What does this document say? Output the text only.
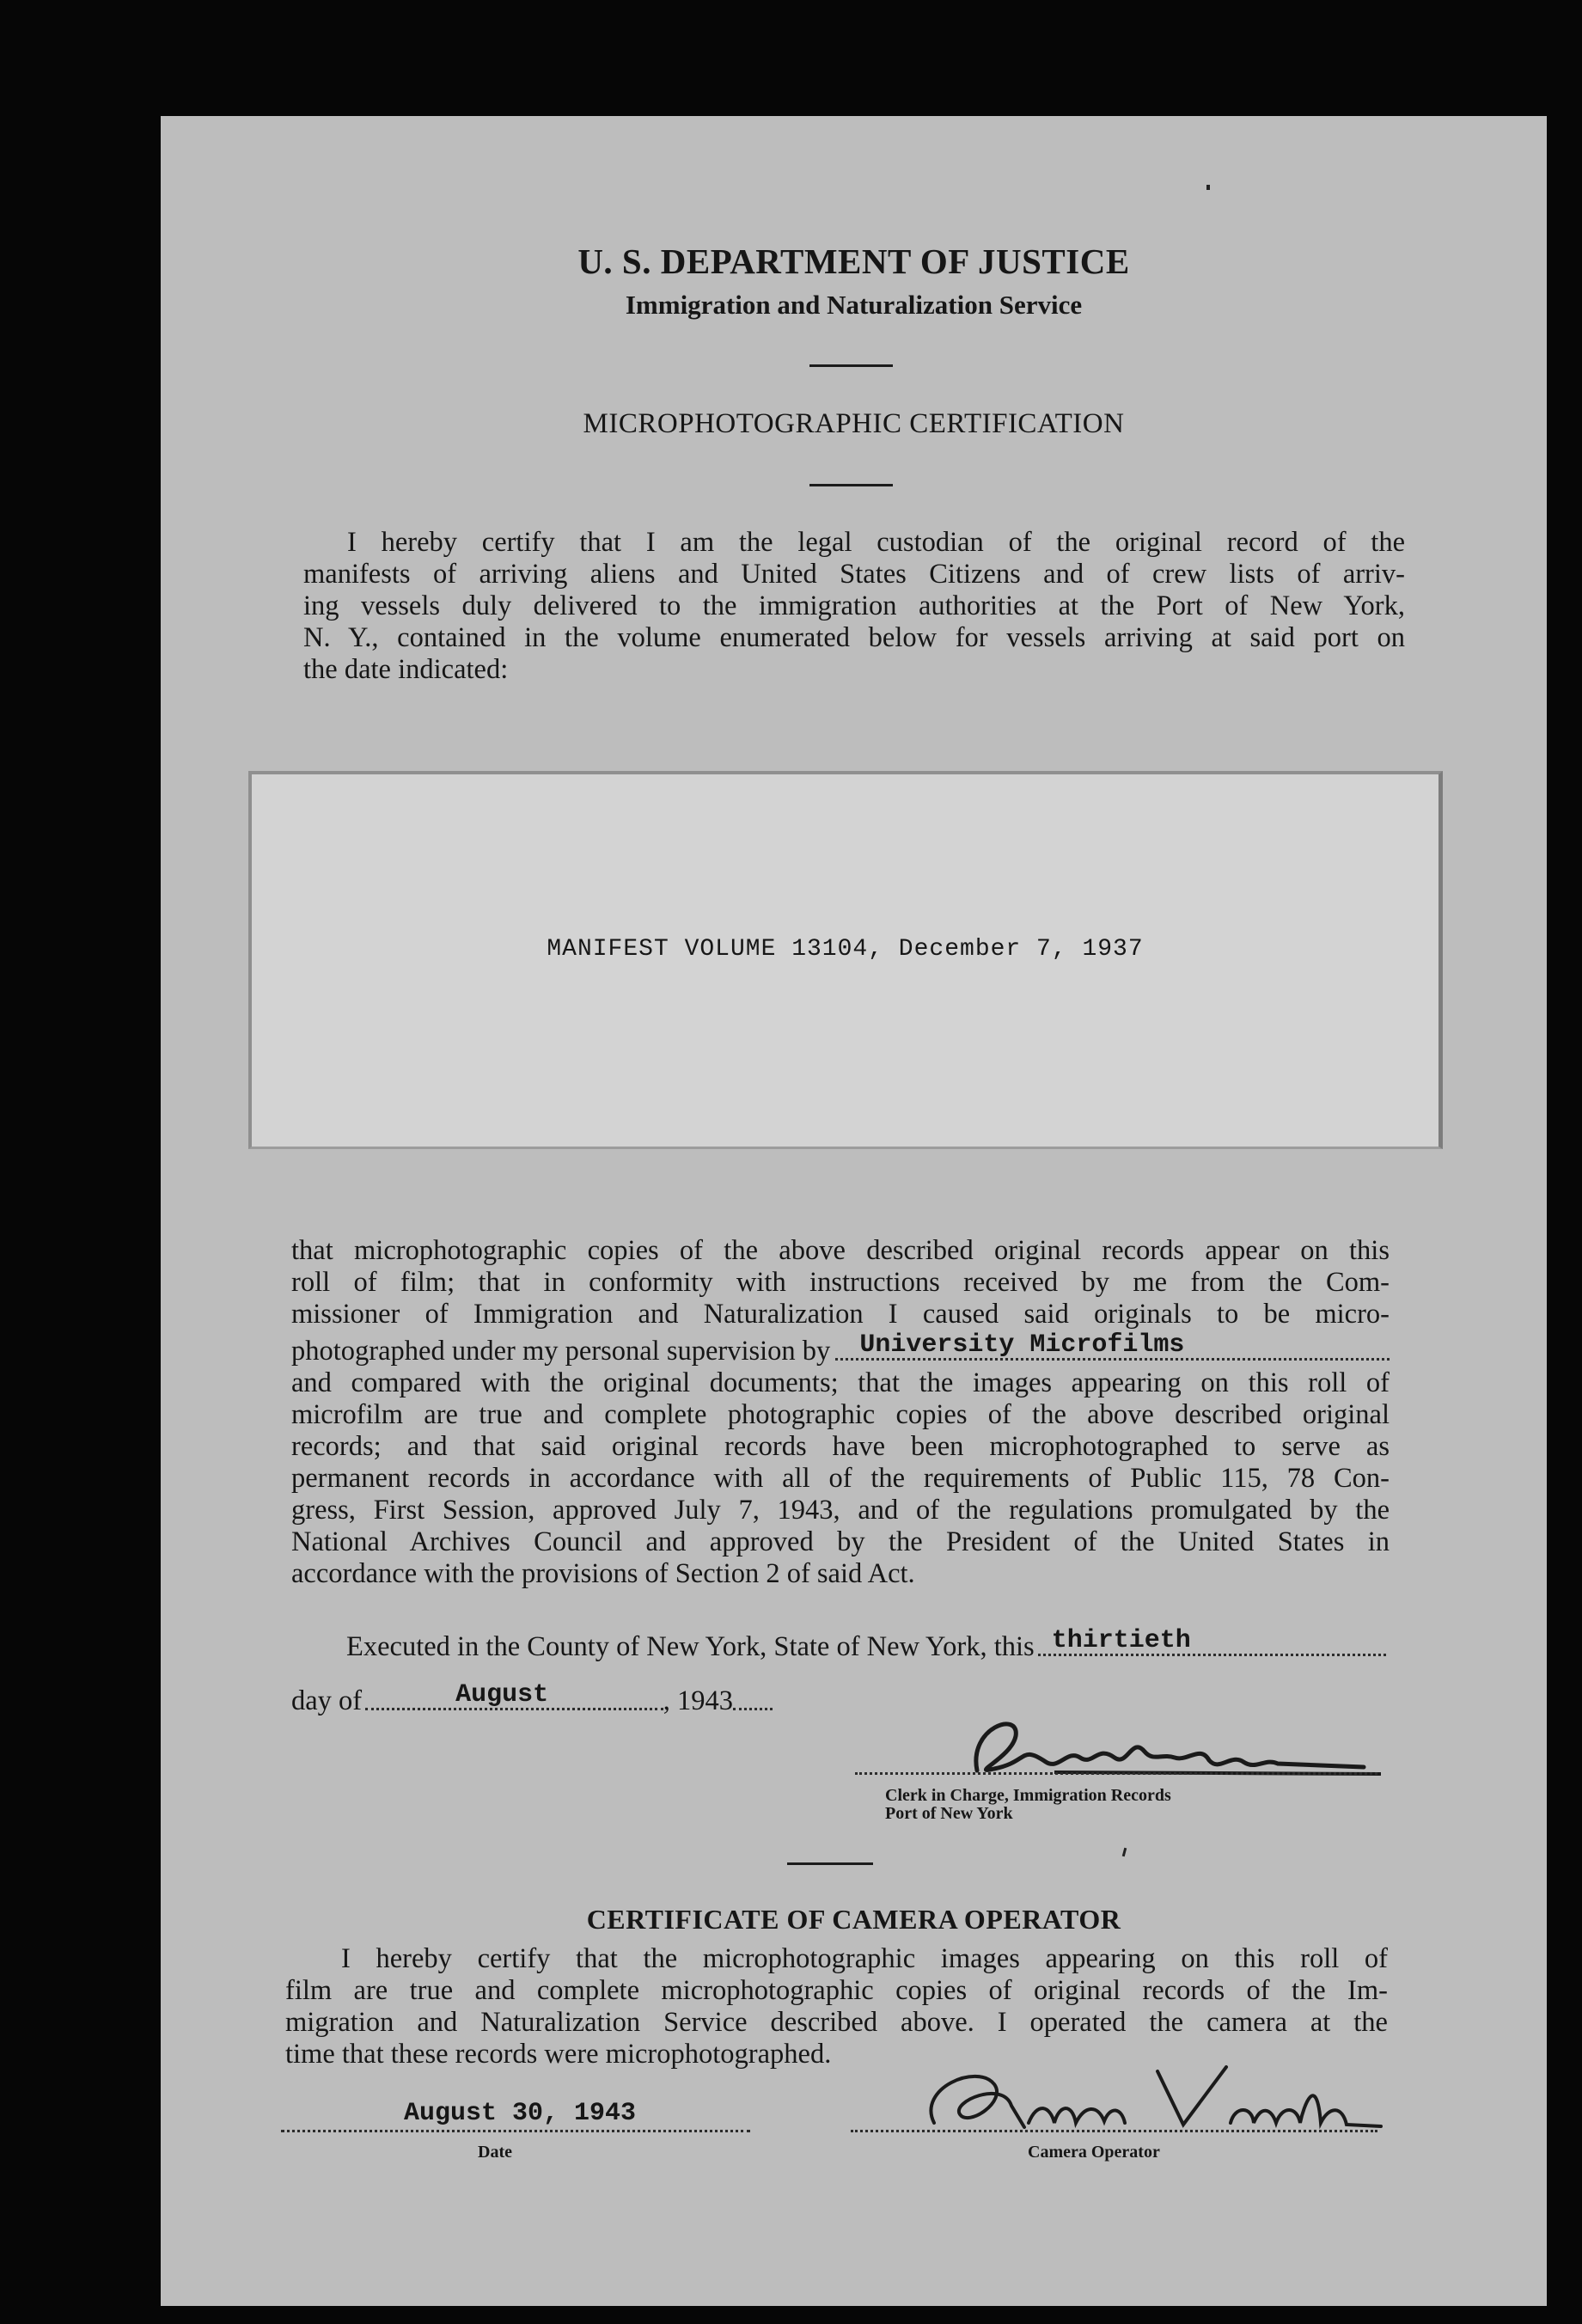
U. S. DEPARTMENT OF JUSTICE
Immigration and Naturalization Service
MICROPHOTOGRAPHIC CERTIFICATION
I hereby certify that I am the legal custodian of the original record of the
manifests of arriving aliens and United States Citizens and of crew lists of arriv-
ing vessels duly delivered to the immigration authorities at the Port of New York,
N. Y., contained in the volume enumerated below for vessels arriving at said port on
the date indicated:
MANIFEST VOLUME 13104, December 7, 1937
that microphotographic copies of the above described original records appear on this
roll of film; that in conformity with instructions received by me from the Com-
missioner of Immigration and Naturalization I caused said originals to be micro-
photographed under my personal supervision by University Microfilms
and compared with the original documents; that the images appearing on this roll of
microfilm are true and complete photographic copies of the above described original
records; and that said original records have been microphotographed to serve as
permanent records in accordance with all of the requirements of Public 115, 78 Con-
gress, First Session, approved July 7, 1943, and of the regulations promulgated by the
National Archives Council and approved by the President of the United States in
accordance with the provisions of Section 2 of said Act.
Executed in the County of New York, State of New York, this thirtieth
day of	August	, 1943
Clerk in Charge, Immigration Records
Port of New York
CERTIFICATE OF CAMERA OPERATOR
I hereby certify that the microphotographic images appearing on this roll of
film are true and complete microphotographic copies of original records of the Im-
migration and Naturalization Service described above. I operated the camera at the
time that these records were microphotographed.
August 30, 1943
Date	Camera Operator
